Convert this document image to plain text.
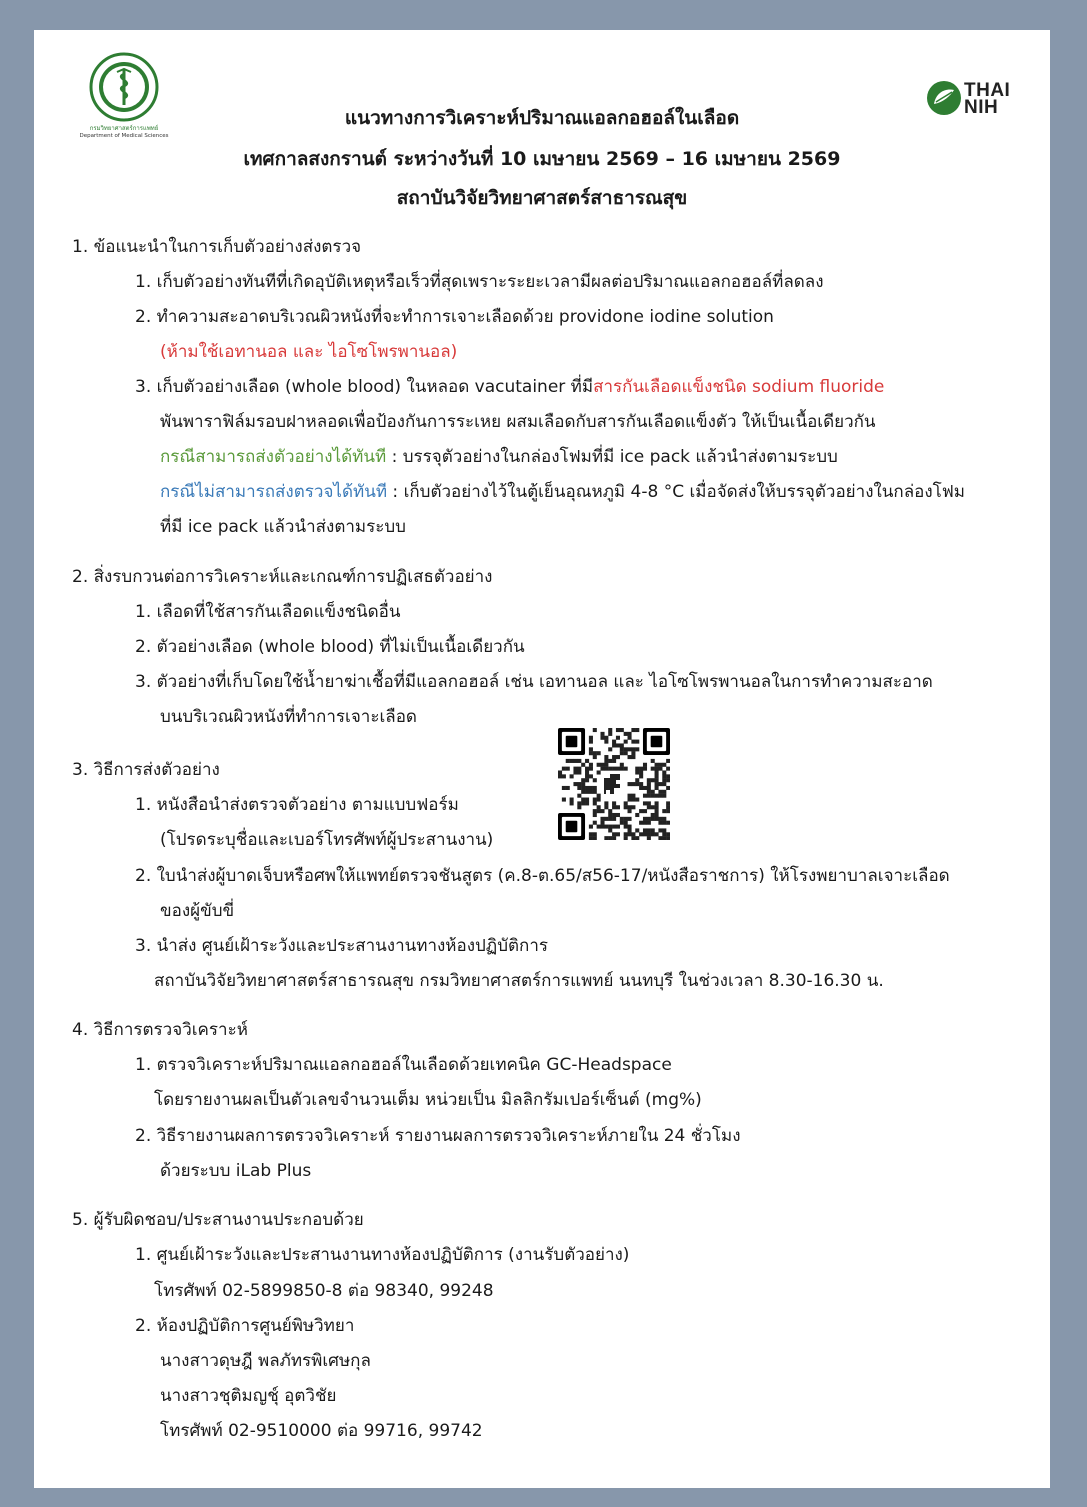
กรมวิทยาศาสตร์การแพทย์
Department of Medical Sciences
THAI
NIH
แนวทางการวิเคราะห์ปริมาณแอลกอฮอล์ในเลือด
เทศกาลสงกรานต์ ระหว่างวันที่ 10 เมษายน 2569 – 16 เมษายน 2569
สถาบันวิจัยวิทยาศาสตร์สาธารณสุข
1. ข้อแนะนำในการเก็บตัวอย่างส่งตรวจ
1. เก็บตัวอย่างทันทีที่เกิดอุบัติเหตุหรือเร็วที่สุดเพราะระยะเวลามีผลต่อปริมาณแอลกอฮอล์ที่ลดลง
2. ทำความสะอาดบริเวณผิวหนังที่จะทำการเจาะเลือดด้วย providone iodine solution
(ห้ามใช้เอทานอล และ ไอโซโพรพานอล)
3. เก็บตัวอย่างเลือด (whole blood) ในหลอด vacutainer ที่มีสารกันเลือดแข็งชนิด sodium fluoride
พันพาราฟิล์มรอบฝาหลอดเพื่อป้องกันการระเหย ผสมเลือดกับสารกันเลือดแข็งตัว ให้เป็นเนื้อเดียวกัน
กรณีสามารถส่งตัวอย่างได้ทันที : บรรจุตัวอย่างในกล่องโฟมที่มี ice pack แล้วนำส่งตามระบบ
กรณีไม่สามารถส่งตรวจได้ทันที : เก็บตัวอย่างไว้ในตู้เย็นอุณหภูมิ 4-8 °C เมื่อจัดส่งให้บรรจุตัวอย่างในกล่องโฟม
ที่มี ice pack แล้วนำส่งตามระบบ
2. สิ่งรบกวนต่อการวิเคราะห์และเกณฑ์การปฏิเสธตัวอย่าง
1. เลือดที่ใช้สารกันเลือดแข็งชนิดอื่น
2. ตัวอย่างเลือด (whole blood) ที่ไม่เป็นเนื้อเดียวกัน
3. ตัวอย่างที่เก็บโดยใช้น้ำยาฆ่าเชื้อที่มีแอลกอฮอล์ เช่น เอทานอล และ ไอโซโพรพานอลในการทำความสะอาด
บนบริเวณผิวหนังที่ทำการเจาะเลือด
3. วิธีการส่งตัวอย่าง
1. หนังสือนำส่งตรวจตัวอย่าง ตามแบบฟอร์ม
(โปรดระบุชื่อและเบอร์โทรศัพท์ผู้ประสานงาน)
2. ใบนำส่งผู้บาดเจ็บหรือศพให้แพทย์ตรวจชันสูตร (ค.8-ต.65/ส56-17/หนังสือราชการ) ให้โรงพยาบาลเจาะเลือด
ของผู้ขับขี่
3. นำส่ง ศูนย์เฝ้าระวังและประสานงานทางห้องปฏิบัติการ
สถาบันวิจัยวิทยาศาสตร์สาธารณสุข กรมวิทยาศาสตร์การแพทย์ นนทบุรี ในช่วงเวลา 8.30-16.30 น.
4. วิธีการตรวจวิเคราะห์
1. ตรวจวิเคราะห์ปริมาณแอลกอฮอล์ในเลือดด้วยเทคนิค GC-Headspace
โดยรายงานผลเป็นตัวเลขจำนวนเต็ม หน่วยเป็น มิลลิกรัมเปอร์เซ็นต์ (mg%)
2. วิธีรายงานผลการตรวจวิเคราะห์ รายงานผลการตรวจวิเคราะห์ภายใน 24 ชั่วโมง
ด้วยระบบ iLab Plus
5. ผู้รับผิดชอบ/ประสานงานประกอบด้วย
1. ศูนย์เฝ้าระวังและประสานงานทางห้องปฏิบัติการ (งานรับตัวอย่าง)
โทรศัพท์ 02-5899850-8 ต่อ 98340, 99248
2. ห้องปฏิบัติการศูนย์พิษวิทยา
นางสาวดุษฎี พลภัทรพิเศษกุล
นางสาวชุติมญชุ์ อุตวิชัย
โทรศัพท์ 02-9510000 ต่อ 99716, 99742
